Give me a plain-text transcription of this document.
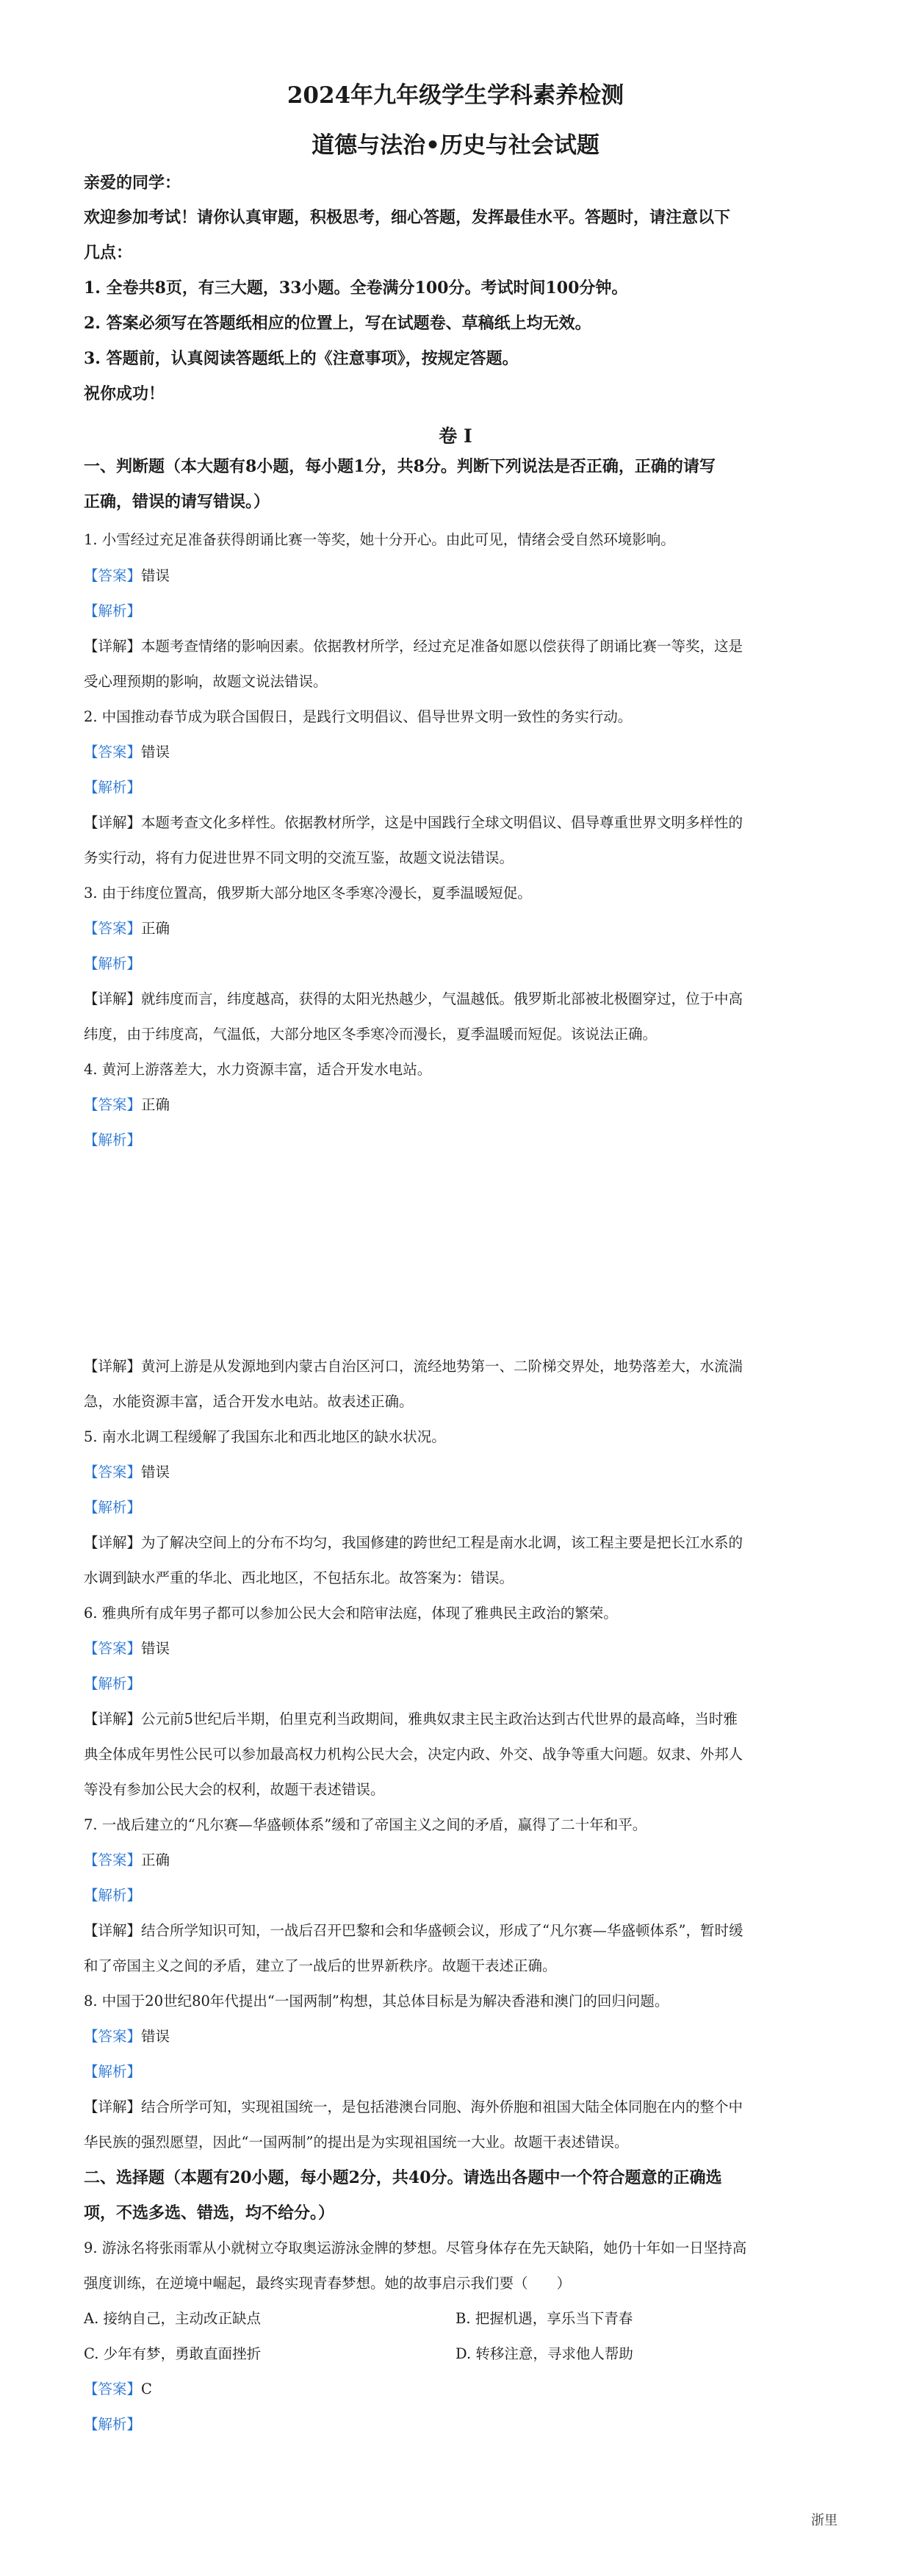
2024年九年级学生学科素养检测
道德与法治•历史与社会试题
亲爱的同学：
欢迎参加考试！请你认真审题，积极思考，细心答题，发挥最佳水平。答题时，请注意以下
几点：
1. 全卷共8页，有三大题，33小题。全卷满分100分。考试时间100分钟。
2. 答案必须写在答题纸相应的位置上，写在试题卷、草稿纸上均无效。
3. 答题前，认真阅读答题纸上的《注意事项》，按规定答题。
祝你成功！
卷 I
一、判断题（本大题有8小题，每小题1分，共8分。判断下列说法是否正确，正确的请写
正确，错误的请写错误。）
1. 小雪经过充足准备获得朗诵比赛一等奖，她十分开心。由此可见，情绪会受自然环境影响。
【答案】错误
【解析】
【详解】本题考查情绪的影响因素。依据教材所学，经过充足准备如愿以偿获得了朗诵比赛一等奖，这是
受心理预期的影响，故题文说法错误。
2. 中国推动春节成为联合国假日，是践行文明倡议、倡导世界文明一致性的务实行动。
【答案】错误
【解析】
【详解】本题考查文化多样性。依据教材所学，这是中国践行全球文明倡议、倡导尊重世界文明多样性的
务实行动，将有力促进世界不同文明的交流互鉴，故题文说法错误。
3. 由于纬度位置高，俄罗斯大部分地区冬季寒冷漫长，夏季温暖短促。
【答案】正确
【解析】
【详解】就纬度而言，纬度越高，获得的太阳光热越少，气温越低。俄罗斯北部被北极圈穿过，位于中高
纬度，由于纬度高，气温低，大部分地区冬季寒冷而漫长，夏季温暖而短促。该说法正确。
4. 黄河上游落差大，水力资源丰富，适合开发水电站。
【答案】正确
【解析】
【详解】黄河上游是从发源地到内蒙古自治区河口，流经地势第一、二阶梯交界处，地势落差大，水流湍
急，水能资源丰富，适合开发水电站。故表述正确。
5. 南水北调工程缓解了我国东北和西北地区的缺水状况。
【答案】错误
【解析】
【详解】为了解决空间上的分布不均匀，我国修建的跨世纪工程是南水北调，该工程主要是把长江水系的
水调到缺水严重的华北、西北地区，不包括东北。故答案为：错误。
6. 雅典所有成年男子都可以参加公民大会和陪审法庭，体现了雅典民主政治的繁荣。
【答案】错误
【解析】
【详解】公元前5世纪后半期，伯里克利当政期间，雅典奴隶主民主政治达到古代世界的最高峰，当时雅
典全体成年男性公民可以参加最高权力机构公民大会，决定内政、外交、战争等重大问题。奴隶、外邦人
等没有参加公民大会的权利，故题干表述错误。
7. 一战后建立的“凡尔赛—华盛顿体系”缓和了帝国主义之间的矛盾，赢得了二十年和平。
【答案】正确
【解析】
【详解】结合所学知识可知，一战后召开巴黎和会和华盛顿会议，形成了“凡尔赛—华盛顿体系”，暂时缓
和了帝国主义之间的矛盾，建立了一战后的世界新秩序。故题干表述正确。
8. 中国于20世纪80年代提出“一国两制”构想，其总体目标是为解决香港和澳门的回归问题。
【答案】错误
【解析】
【详解】结合所学可知，实现祖国统一，是包括港澳台同胞、海外侨胞和祖国大陆全体同胞在内的整个中
华民族的强烈愿望，因此“一国两制”的提出是为实现祖国统一大业。故题干表述错误。
二、选择题（本题有20小题，每小题2分，共40分。请选出各题中一个符合题意的正确选
项，不选多选、错选，均不给分。）
9. 游泳名将张雨霏从小就树立夺取奥运游泳金牌的梦想。尽管身体存在先天缺陷，她仍十年如一日坚持高
强度训练，在逆境中崛起，最终实现青春梦想。她的故事启示我们要（　　）
A. 接纳自己，主动改正缺点	B. 把握机遇，享乐当下青春
C. 少年有梦，勇敢直面挫折	D. 转移注意，寻求他人帮助
【答案】C
【解析】
浙里
